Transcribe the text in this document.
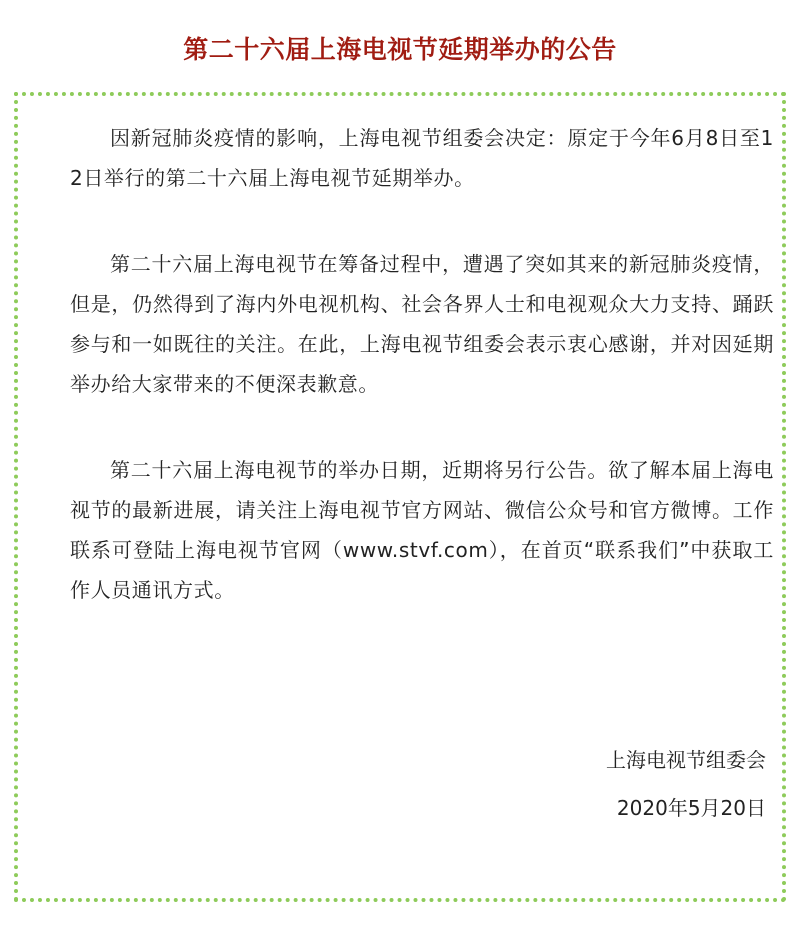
第二十六届上海电视节延期举办的公告

因新冠肺炎疫情的影响，上海电视节组委会决定：原定于今年6月8日至12日举行的第二十六届上海电视节延期举办。

第二十六届上海电视节在筹备过程中，遭遇了突如其来的新冠肺炎疫情，但是，仍然得到了海内外电视机构、社会各界人士和电视观众大力支持、踊跃参与和一如既往的关注。在此，上海电视节组委会表示衷心感谢，并对因延期举办给大家带来的不便深表歉意。

第二十六届上海电视节的举办日期，近期将另行公告。欲了解本届上海电视节的最新进展，请关注上海电视节官方网站、微信公众号和官方微博。工作联系可登陆上海电视节官网（www.stvf.com），在首页“联系我们”中获取工作人员通讯方式。

上海电视节组委会
2020年5月20日
